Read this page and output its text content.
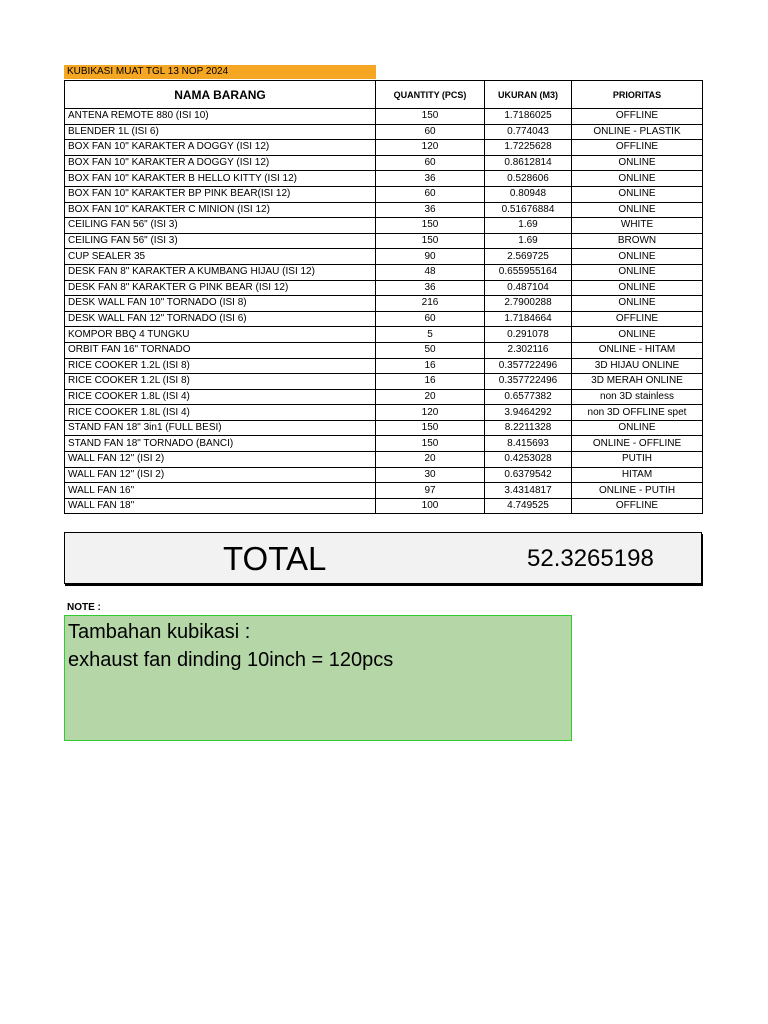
KUBIKASI MUAT TGL 13 NOP 2024
NAMA BARANG	QUANTITY (PCS)	UKURAN (M3)	PRIORITAS
ANTENA REMOTE 880 (ISI 10)	150	1.7186025	OFFLINE
BLENDER 1L (ISI 6)	60	0.774043	ONLINE - PLASTIK
BOX FAN 10" KARAKTER A DOGGY (ISI 12)	120	1.7225628	OFFLINE
BOX FAN 10" KARAKTER A DOGGY (ISI 12)	60	0.8612814	ONLINE
BOX FAN 10" KARAKTER B HELLO KITTY (ISI 12)	36	0.528606	ONLINE
BOX FAN 10" KARAKTER BP PINK BEAR(ISI 12)	60	0.80948	ONLINE
BOX FAN 10" KARAKTER C MINION (ISI 12)	36	0.51676884	ONLINE
CEILING FAN 56" (ISI 3)	150	1.69	WHITE
CEILING FAN 56" (ISI 3)	150	1.69	BROWN
CUP SEALER 35	90	2.569725	ONLINE
DESK FAN 8" KARAKTER A KUMBANG HIJAU (ISI 12)	48	0.655955164	ONLINE
DESK FAN 8" KARAKTER G PINK BEAR (ISI 12)	36	0.487104	ONLINE
DESK WALL FAN 10" TORNADO (ISI 8)	216	2.7900288	ONLINE
DESK WALL FAN 12" TORNADO (ISI 6)	60	1.7184664	OFFLINE
KOMPOR BBQ 4 TUNGKU	5	0.291078	ONLINE
ORBIT FAN 16" TORNADO	50	2.302116	ONLINE - HITAM
RICE COOKER 1.2L (ISI 8)	16	0.357722496	3D HIJAU ONLINE
RICE COOKER 1.2L (ISI 8)	16	0.357722496	3D MERAH ONLINE
RICE COOKER 1.8L (ISI 4)	20	0.6577382	non 3D stainless
RICE COOKER 1.8L (ISI 4)	120	3.9464292	non 3D OFFLINE spet
STAND FAN 18" 3in1 (FULL BESI)	150	8.2211328	ONLINE
STAND FAN 18" TORNADO (BANCI)	150	8.415693	ONLINE - OFFLINE
WALL FAN 12" (ISI 2)	20	0.4253028	PUTIH
WALL FAN 12" (ISI 2)	30	0.6379542	HITAM
WALL FAN 16"	97	3.4314817	ONLINE - PUTIH
WALL FAN 18"	100	4.749525	OFFLINE
TOTAL	52.3265198
NOTE :
Tambahan kubikasi :
exhaust fan dinding 10inch = 120pcs
